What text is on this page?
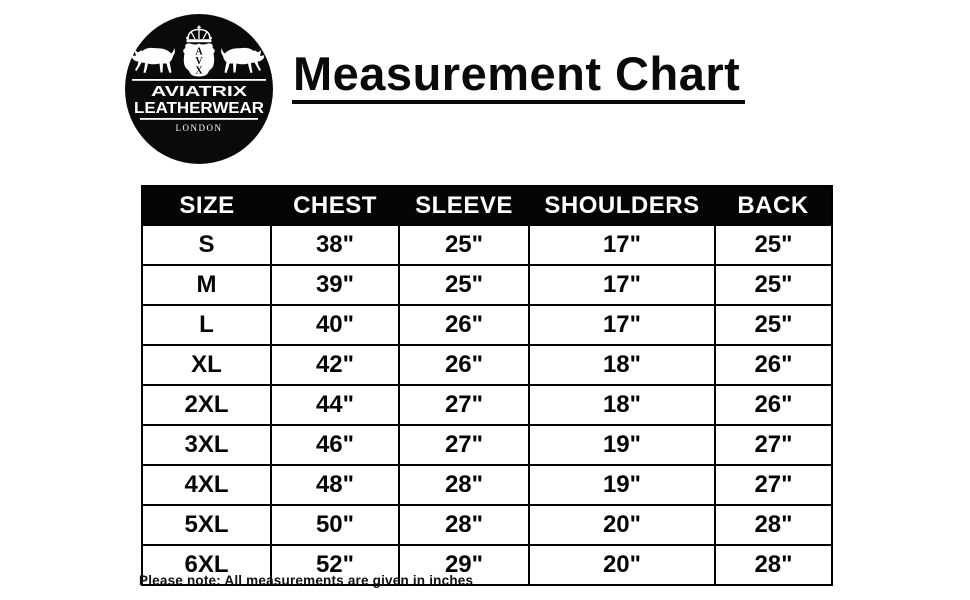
A
V
X
AVIATRIX
LEATHERWEAR
LONDON
Measurement Chart
SIZE	CHEST	SLEEVE	SHOULDERS	BACK
S	38"	25"	17"	25"
M	39"	25"	17"	25"
L	40"	26"	17"	25"
XL	42"	26"	18"	26"
2XL	44"	27"	18"	26"
3XL	46"	27"	19"	27"
4XL	48"	28"	19"	27"
5XL	50"	28"	20"	28"
6XL	52"	29"	20"	28"
Please note: All measurements are given in inches
